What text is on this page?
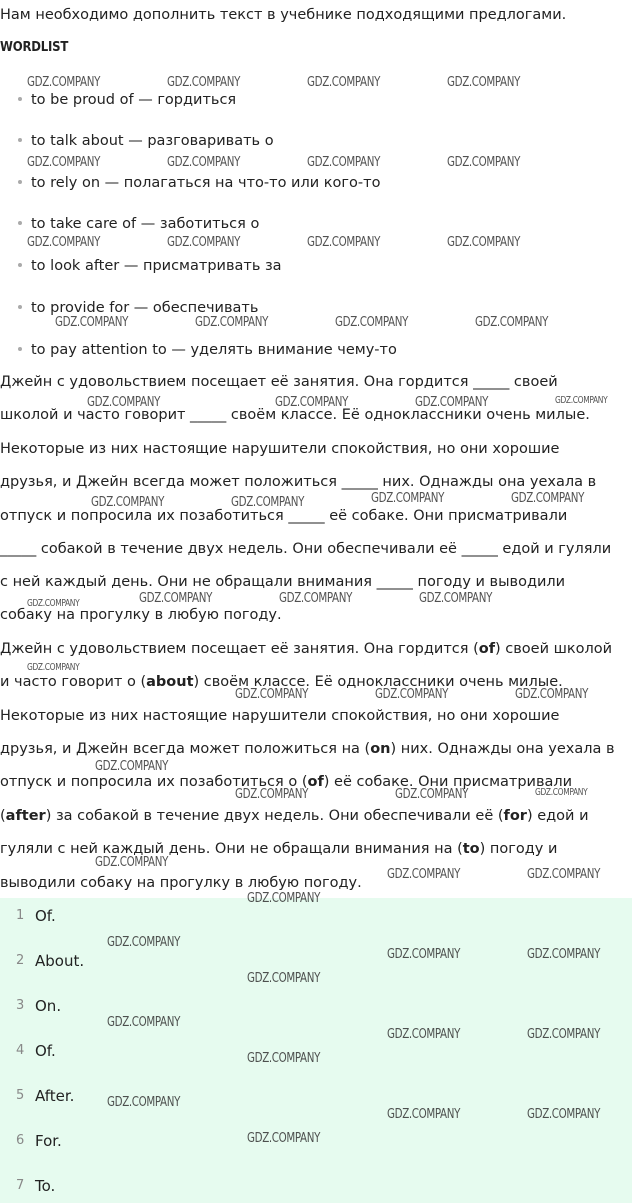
Нам необходимо дополнить текст в учебнике подходящими предлогами.
WORDLIST
to be proud of — гордиться
to talk about — разговаривать о
to rely on — полагаться на что-то или кого-то
to take care of — заботиться о
to look after — присматривать за
to provide for — обеспечивать
to pay attention to — уделять внимание чему-то
Джейн с удовольствием посещает её занятия. Она гордится _____ своей
школой и часто говорит _____ своём классе. Её одноклассники очень милые.
Некоторые из них настоящие нарушители спокойствия, но они хорошие
друзья, и Джейн всегда может положиться _____ них. Однажды она уехала в
отпуск и попросила их позаботиться _____ её собаке. Они присматривали
_____ собакой в течение двух недель. Они обеспечивали её _____ едой и гуляли
с ней каждый день. Они не обращали внимания _____ погоду и выводили
собаку на прогулку в любую погоду.
Джейн с удовольствием посещает её занятия. Она гордится (of) своей школой
и часто говорит о (about) своём классе. Её одноклассники очень милые.
Некоторые из них настоящие нарушители спокойствия, но они хорошие
друзья, и Джейн всегда может положиться на (on) них. Однажды она уехала в
отпуск и попросила их позаботиться о (of) её собаке. Они присматривали
(after) за собакой в течение двух недель. Они обеспечивали её (for) едой и
гуляли с ней каждый день. Они не обращали внимания на (to) погоду и
выводили собаку на прогулку в любую погоду.
1 Of.
2 About.
3 On.
4 Of.
5 After.
6 For.
7 To.
GDZ.COMPANY	GDZ.COMPANY	GDZ.COMPANY	GDZ.COMPANY
GDZ.COMPANY	GDZ.COMPANY	GDZ.COMPANY	GDZ.COMPANY
GDZ.COMPANY	GDZ.COMPANY	GDZ.COMPANY	GDZ.COMPANY
GDZ.COMPANY	GDZ.COMPANY	GDZ.COMPANY	GDZ.COMPANY
GDZ.COMPANY	GDZ.COMPANY	GDZ.COMPANY	GDZ.COMPANY
GDZ.COMPANY	GDZ.COMPANY	GDZ.COMPANY	GDZ.COMPANY
GDZ.COMPANY	GDZ.COMPANY	GDZ.COMPANY	GDZ.COMPANY
GDZ.COMPANY
GDZ.COMPANY	GDZ.COMPANY	GDZ.COMPANY
GDZ.COMPANY
GDZ.COMPANY	GDZ.COMPANY	GDZ.COMPANY
GDZ.COMPANY
GDZ.COMPANY	GDZ.COMPANY
GDZ.COMPANY
GDZ.COMPANY
GDZ.COMPANY	GDZ.COMPANY
GDZ.COMPANY
GDZ.COMPANY
GDZ.COMPANY	GDZ.COMPANY
GDZ.COMPANY
GDZ.COMPANY
GDZ.COMPANY	GDZ.COMPANY
GDZ.COMPANY
